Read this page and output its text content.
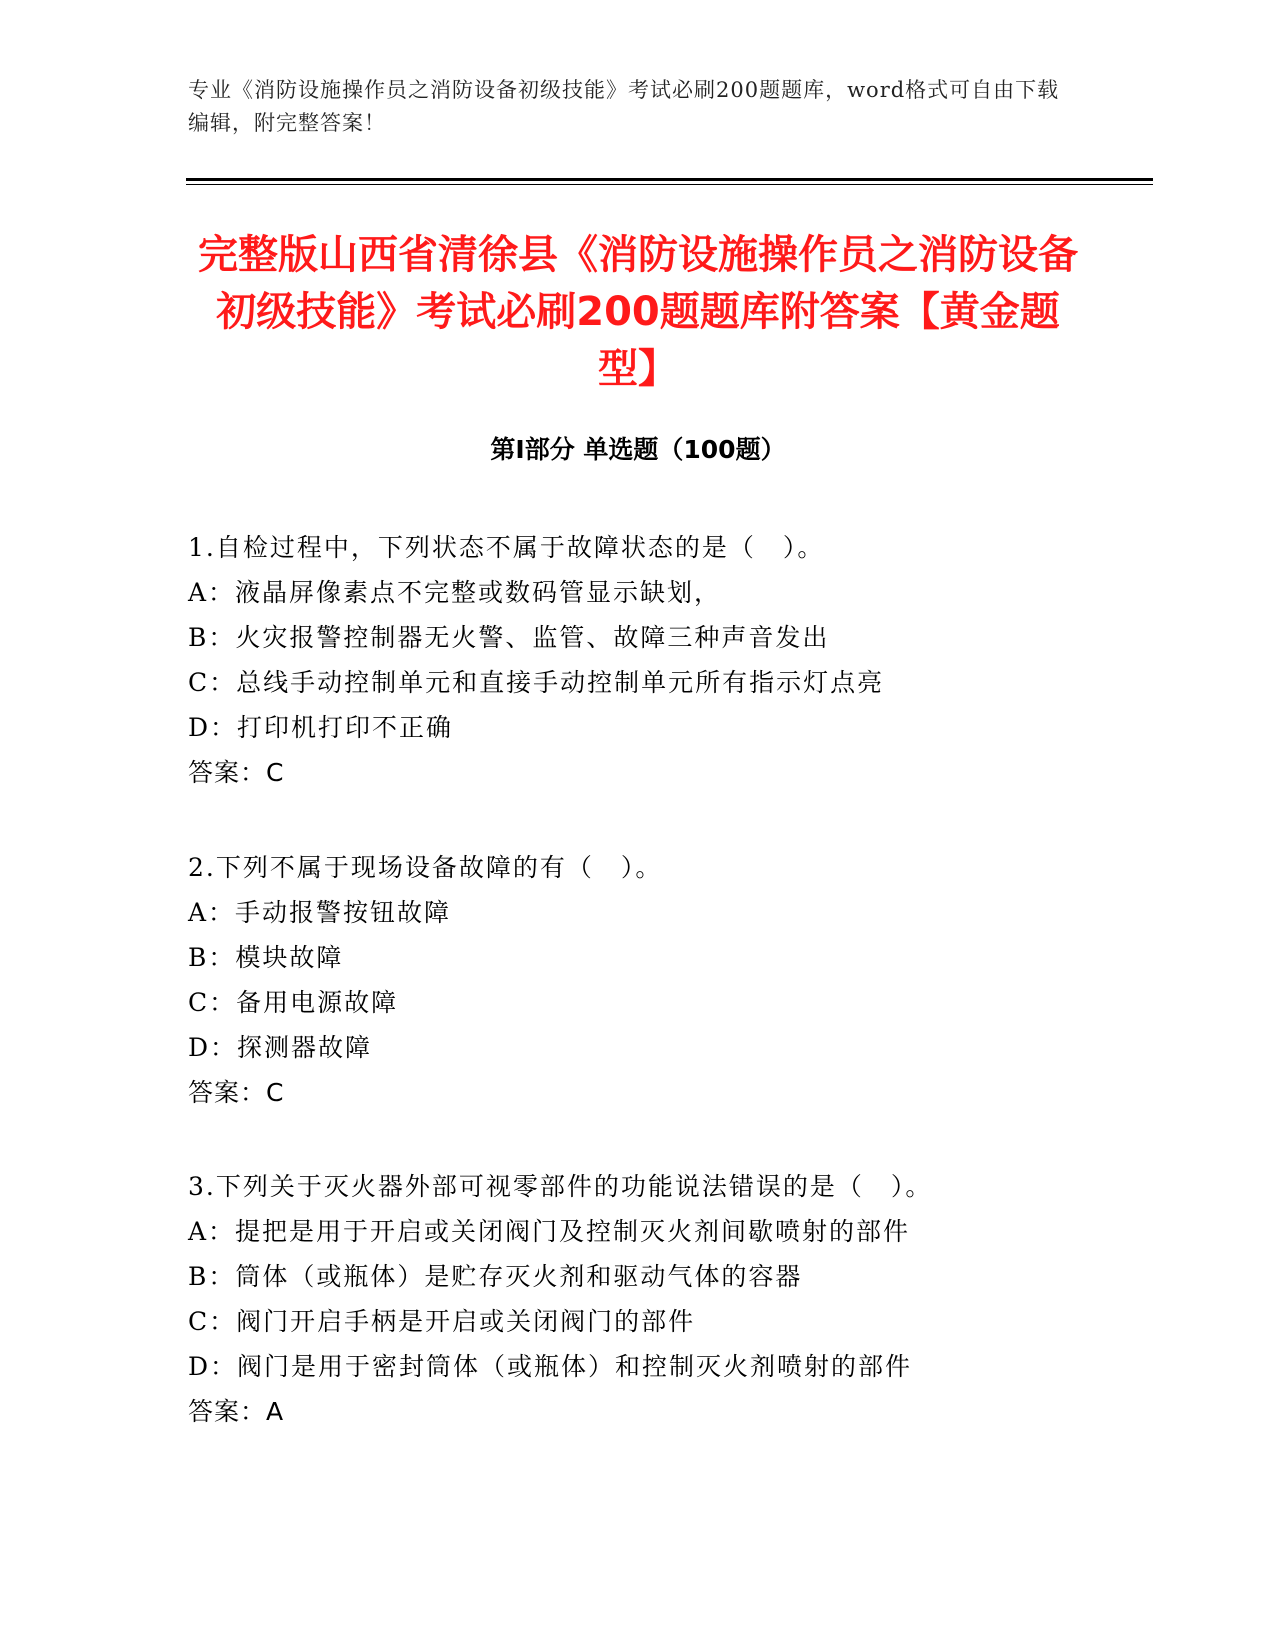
专业《消防设施操作员之消防设备初级技能》考试必刷200题题库，word格式可自由下载编辑，附完整答案！
完整版山西省清徐县《消防设施操作员之消防设备初级技能》考试必刷200题题库附答案【黄金题型】
第I部分 单选题（100题）
1.自检过程中，下列状态不属于故障状态的是（　）。
A：液晶屏像素点不完整或数码管显示缺划，
B：火灾报警控制器无火警、监管、故障三种声音发出
C：总线手动控制单元和直接手动控制单元所有指示灯点亮
D：打印机打印不正确
答案：C
2.下列不属于现场设备故障的有（　）。
A：手动报警按钮故障
B：模块故障
C：备用电源故障
D：探测器故障
答案：C
3.下列关于灭火器外部可视零部件的功能说法错误的是（　）。
A：提把是用于开启或关闭阀门及控制灭火剂间歇喷射的部件
B：筒体（或瓶体）是贮存灭火剂和驱动气体的容器
C：阀门开启手柄是开启或关闭阀门的部件
D：阀门是用于密封筒体（或瓶体）和控制灭火剂喷射的部件
答案：A
